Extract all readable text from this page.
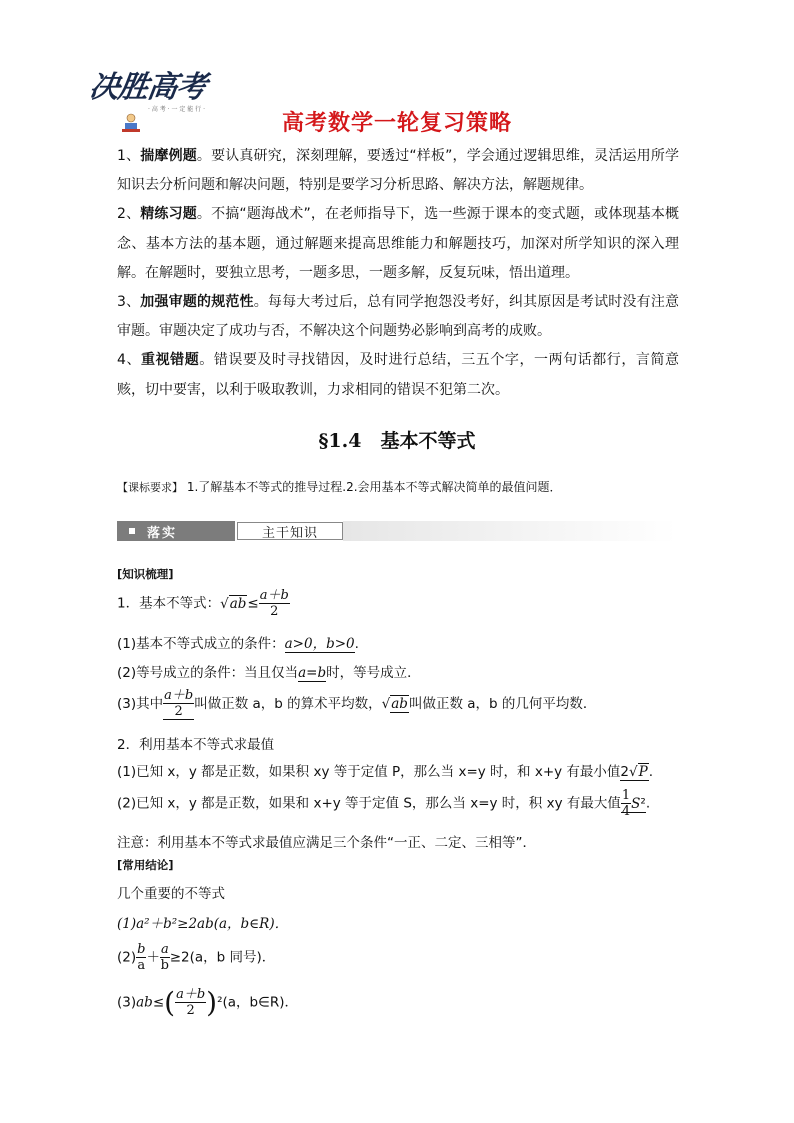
决胜高考
· 高 考 · 一 定 能 行 ·
高考数学一轮复习策略

1、揣摩例题。要认真研究，深刻理解，要透过“样板”，学会通过逻辑思维，灵活运用所学知识去分析问题和解决问题，特别是要学习分析思路、解决方法，解题规律。

2、精练习题。不搞“题海战术”，在老师指导下，选一些源于课本的变式题，或体现基本概念、基本方法的基本题，通过解题来提高思维能力和解题技巧，加深对所学知识的深入理解。在解题时，要独立思考，一题多思，一题多解，反复玩味，悟出道理。

3、加强审题的规范性。每每大考过后，总有同学抱怨没考好，纠其原因是考试时没有注意审题。审题决定了成功与否，不解决这个问题势必影响到高考的成败。

4、重视错题。错误要及时寻找错因，及时进行总结，三五个字，一两句话都行，言简意赅，切中要害，以利于吸取教训，力求相同的错误不犯第二次。

§1.4　基本不等式
【课标要求】 1.了解基本不等式的推导过程.2.会用基本不等式解决简单的最值问题．
落实	主干知识
[知识梳理]
1．基本不等式：$√ab\le \frac{a+b}{2}$
(1)基本不等式成立的条件：a>0，b>0.
(2)等号成立的条件：当且仅当a=b时，等号成立．
(3)其中 $\frac{a+b}{2}$ 叫做正数 a，b 的算术平均数，√ab叫做正数 a，b 的几何平均数．
2．利用基本不等式求最值
(1)已知 x，y 都是正数，如果积 xy 等于定值 P，那么当 x=y 时，和 x+y 有最小值2√P.
(2)已知 x，y 都是正数，如果和 x+y 等于定值 S，那么当 x=y 时，积 xy 有最大值 $\frac{1}{4} S^2$.
注意：利用基本不等式求最值应满足三个条件“一正、二定、三相等”．
[常用结论]
几个重要的不等式
(1)a²＋b²≥2ab(a，b∈R)．
$(2) \frac{b}{a} + \frac{a}{b} \ge 2(a$，b 同号)．
$(3)ab\le( \frac{a+b}{2} )^2(a$，b∈R)．
